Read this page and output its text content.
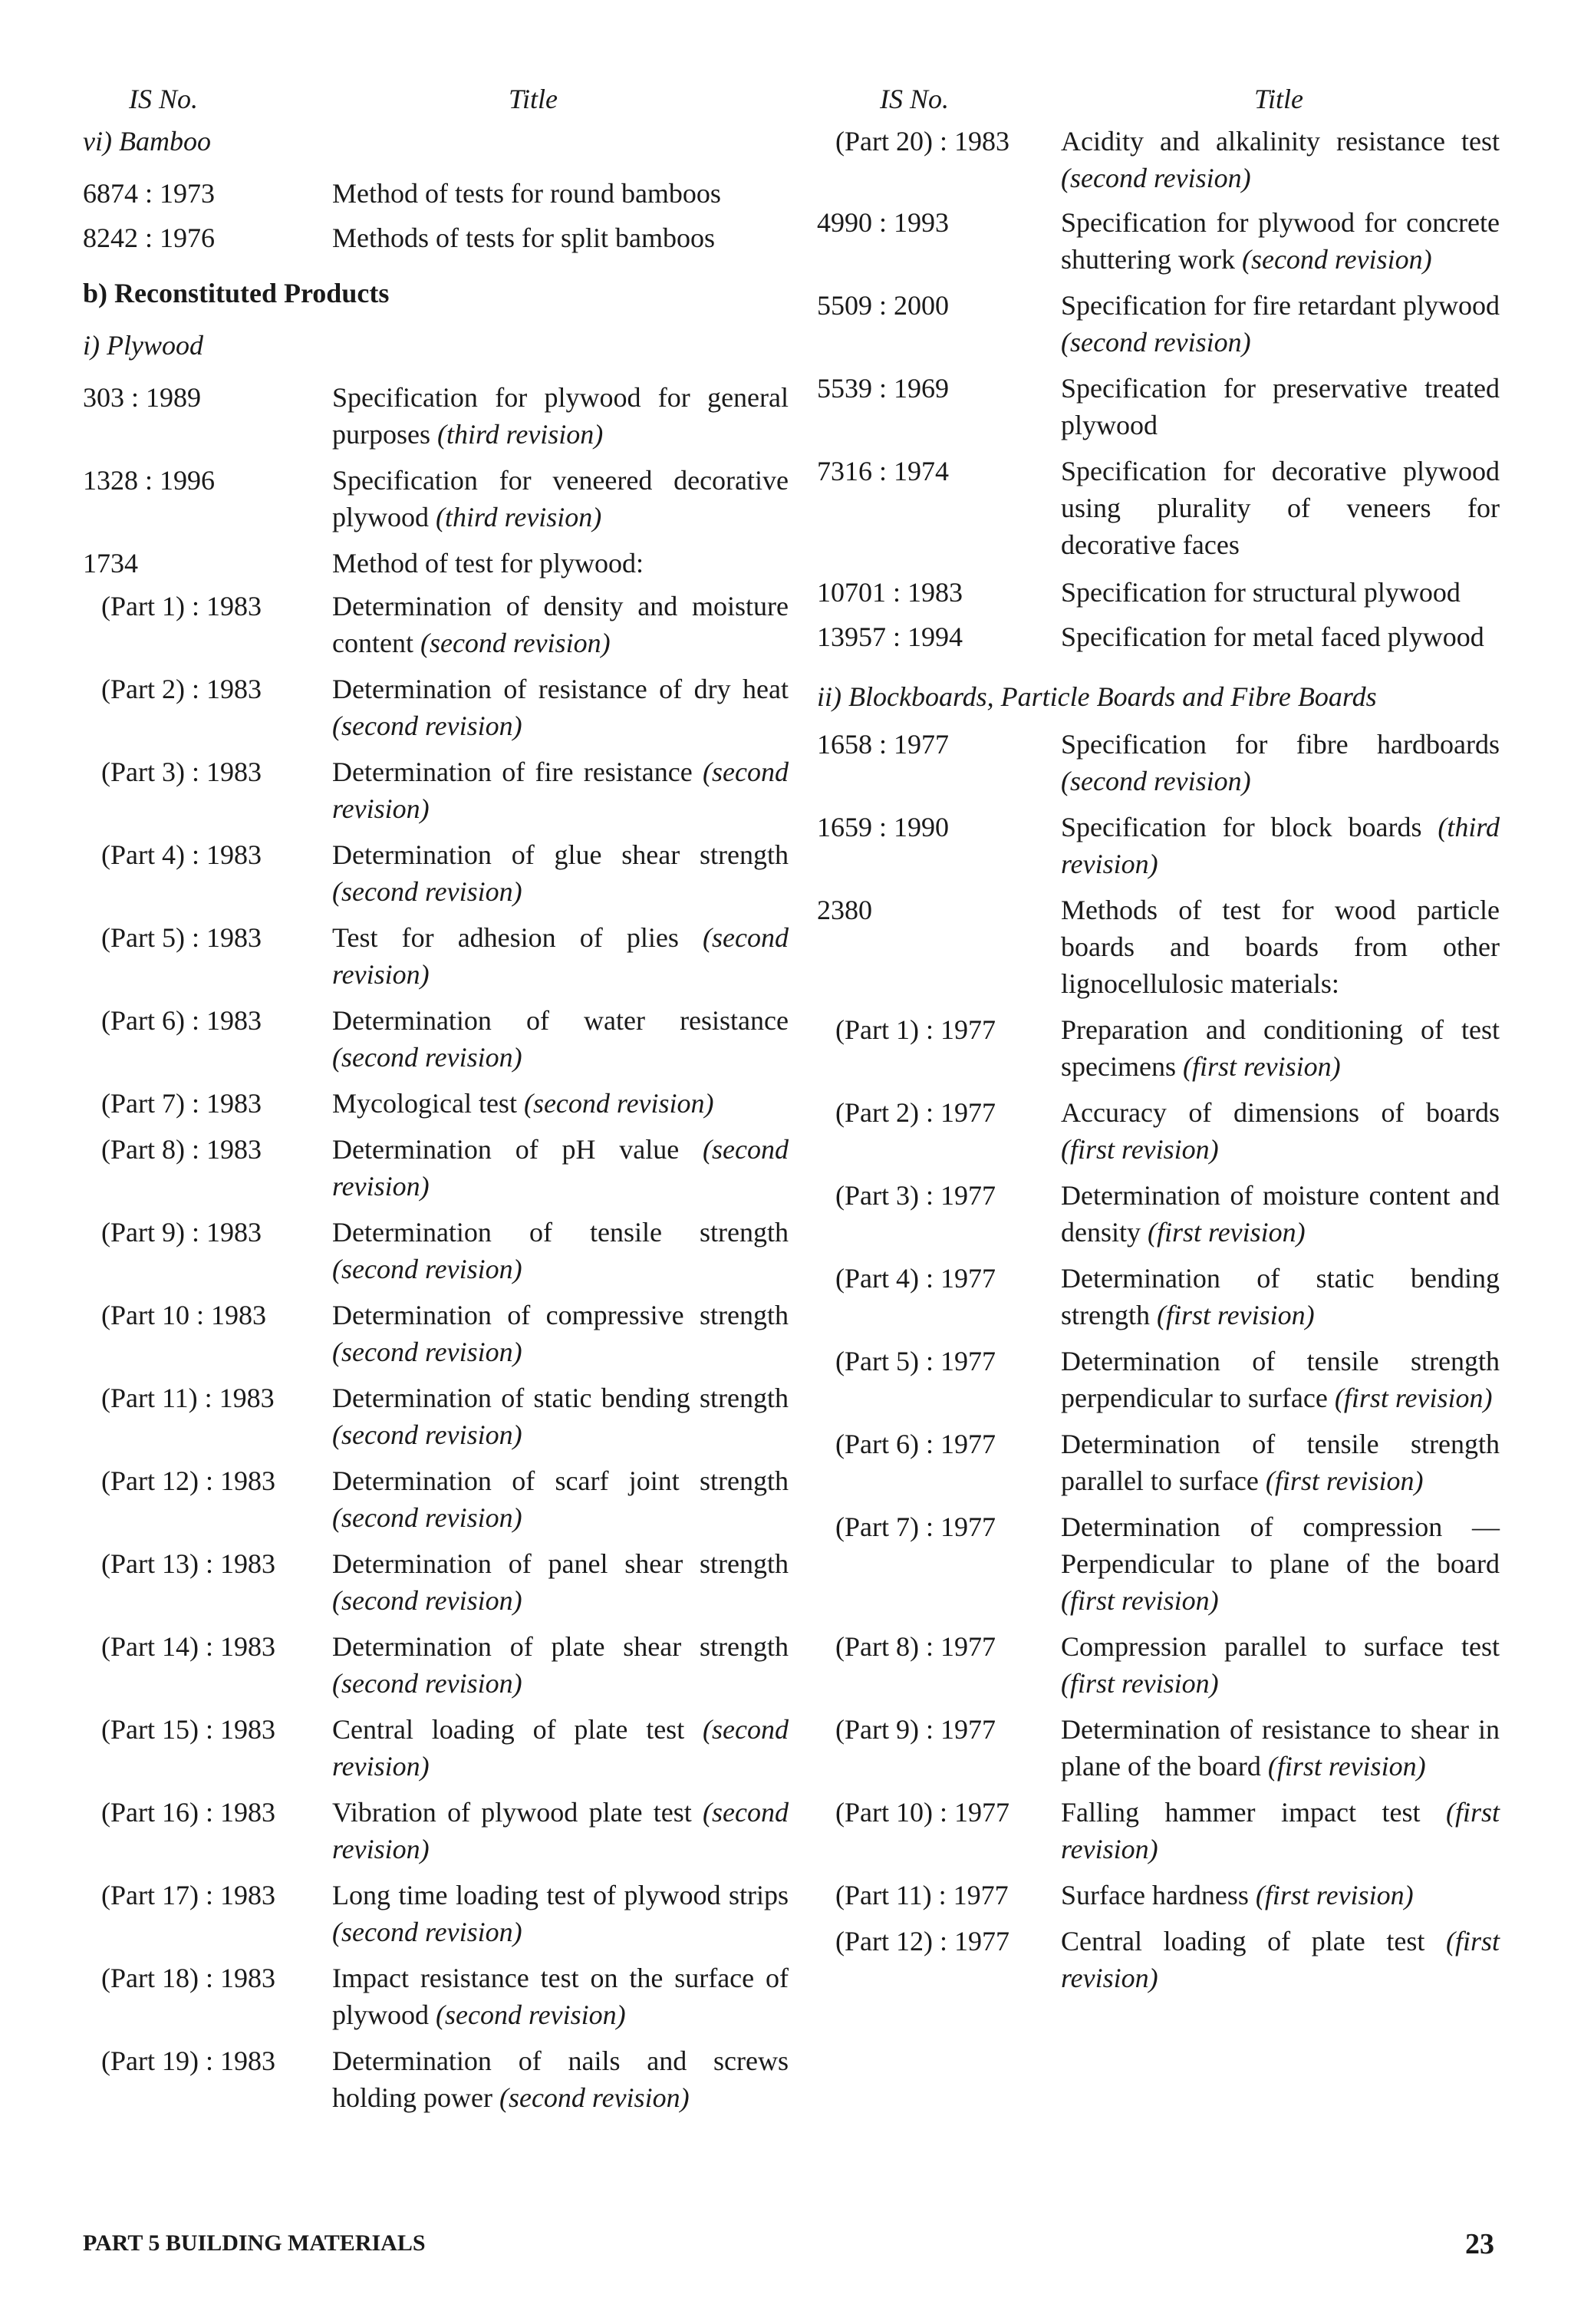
IS No.	Title
vi) Bamboo
6874 : 1973	Method of tests for round bamboos
8242 : 1976	Methods of tests for split bamboos
b) Reconstituted Products
i) Plywood
303 : 1989	Specification for plywood for general purposes (third revision)
1328 : 1996	Specification for veneered decorative plywood (third revision)
1734	Method of test for plywood:
(Part 1) : 1983	Determination of density and moisture content (second revision)
(Part 2) : 1983	Determination of resistance of dry heat (second revision)
(Part 3) : 1983	Determination of fire resistance (second revision)
(Part 4) : 1983	Determination of glue shear strength (second revision)
(Part 5) : 1983	Test for adhesion of plies (second revision)
(Part 6) : 1983	Determination of water resistance (second revision)
(Part 7) : 1983	Mycological test (second revision)
(Part 8) : 1983	Determination of pH value (second revision)
(Part 9) : 1983	Determination of tensile strength (second revision)
(Part 10 : 1983	Determination of compressive strength (second revision)
(Part 11) : 1983	Determination of static bending strength (second revision)
(Part 12) : 1983	Determination of scarf joint strength (second revision)
(Part 13) : 1983	Determination of panel shear strength (second revision)
(Part 14) : 1983	Determination of plate shear strength (second revision)
(Part 15) : 1983	Central loading of plate test (second revision)
(Part 16) : 1983	Vibration of plywood plate test (second revision)
(Part 17) : 1983	Long time loading test of plywood strips (second revision)
(Part 18) : 1983	Impact resistance test on the surface of plywood (second revision)
(Part 19) : 1983	Determination of nails and screws holding power (second revision)
IS No.	Title
(Part 20) : 1983	Acidity and alkalinity resistance test (second revision)
4990 : 1993	Specification for plywood for concrete shuttering work (second revision)
5509 : 2000	Specification for fire retardant plywood (second revision)
5539 : 1969	Specification for preservative treated plywood
7316 : 1974	Specification for decorative plywood using plurality of veneers for decorative faces
10701 : 1983	Specification for structural plywood
13957 : 1994	Specification for metal faced plywood
ii) Blockboards, Particle Boards and Fibre Boards
1658 : 1977	Specification for fibre hardboards (second revision)
1659 : 1990	Specification for block boards (third revision)
2380	Methods of test for wood particle boards and boards from other lignocellulosic materials:
(Part 1) : 1977	Preparation and conditioning of test specimens (first revision)
(Part 2) : 1977	Accuracy of dimensions of boards (first revision)
(Part 3) : 1977	Determination of moisture content and density (first revision)
(Part 4) : 1977	Determination of static bending strength (first revision)
(Part 5) : 1977	Determination of tensile strength perpendicular to surface (first revision)
(Part 6) : 1977	Determination of tensile strength parallel to surface (first revision)
(Part 7) : 1977	Determination of compression — Perpendicular to plane of the board (first revision)
(Part 8) : 1977	Compression parallel to surface test (first revision)
(Part 9) : 1977	Determination of resistance to shear in plane of the board (first revision)
(Part 10) : 1977	Falling hammer impact test (first revision)
(Part 11) : 1977	Surface hardness (first revision)
(Part 12) : 1977	Central loading of plate test (first revision)
PART 5 BUILDING MATERIALS	23
